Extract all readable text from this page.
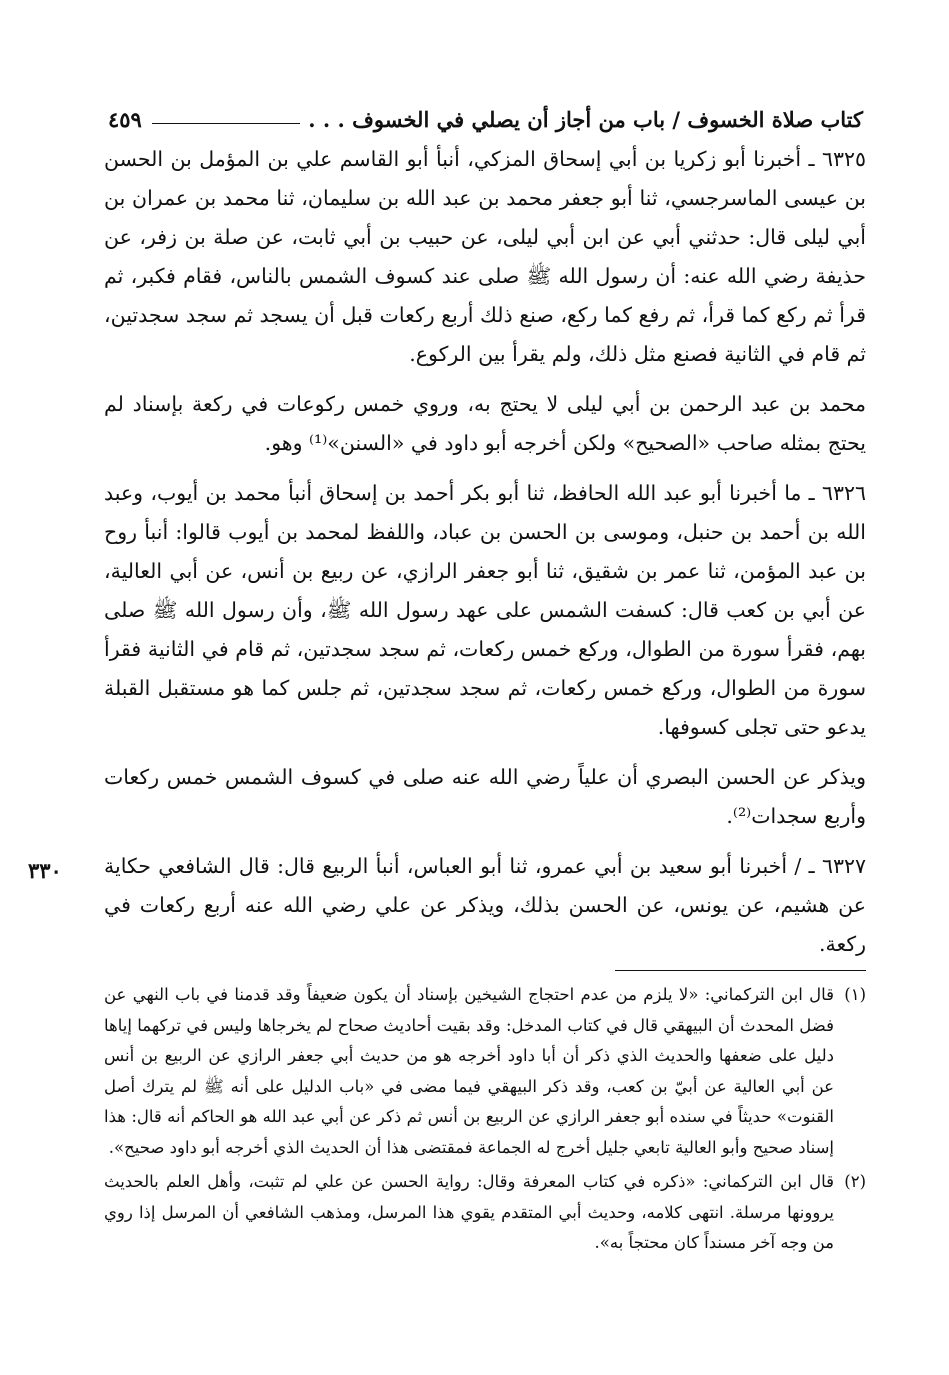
كتاب صلاة الخسوف / باب من أجاز أن يصلي في الخسوف . . .
٤٥٩

٦٣٢٥ ـ أخبرنا أبو زكريا بن أبي إسحاق المزكي، أنبأ أبو القاسم علي بن المؤمل بن الحسن بن عيسى الماسرجسي، ثنا أبو جعفر محمد بن عبد الله بن سليمان، ثنا محمد بن عمران بن أبي ليلى قال: حدثني أبي عن ابن أبي ليلى، عن حبيب بن أبي ثابت، عن صلة بن زفر، عن حذيفة رضي الله عنه: أن رسول الله ﷺ صلى عند كسوف الشمس بالناس، فقام فكبر، ثم قرأ ثم ركع كما قرأ، ثم رفع كما ركع، صنع ذلك أربع ركعات قبل أن يسجد ثم سجد سجدتين، ثم قام في الثانية فصنع مثل ذلك، ولم يقرأ بين الركوع.

محمد بن عبد الرحمن بن أبي ليلى لا يحتج به، وروي خمس ركوعات في ركعة بإسناد لم يحتج بمثله صاحب «الصحيح» ولكن أخرجه أبو داود في «السنن»⁽¹⁾ وهو.

٦٣٢٦ ـ ما أخبرنا أبو عبد الله الحافظ، ثنا أبو بكر أحمد بن إسحاق أنبأ محمد بن أيوب، وعبد الله بن أحمد بن حنبل، وموسى بن الحسن بن عباد، واللفظ لمحمد بن أيوب قالوا: أنبأ روح بن عبد المؤمن، ثنا عمر بن شقيق، ثنا أبو جعفر الرازي، عن ربيع بن أنس، عن أبي العالية، عن أبي بن كعب قال: كسفت الشمس على عهد رسول الله ﷺ، وأن رسول الله ﷺ صلى بهم، فقرأ سورة من الطوال، وركع خمس ركعات، ثم سجد سجدتين، ثم قام في الثانية فقرأ سورة من الطوال، وركع خمس ركعات، ثم سجد سجدتين، ثم جلس كما هو مستقبل القبلة يدعو حتى تجلى كسوفها.

ويذكر عن الحسن البصري أن علياً رضي الله عنه صلى في كسوف الشمس خمس ركعات وأربع سجدات⁽²⁾.

٦٣٢٧ ـ / أخبرنا أبو سعيد بن أبي عمرو، ثنا أبو العباس، أنبأ الربيع قال: قال الشافعي حكاية عن هشيم، عن يونس، عن الحسن بذلك، ويذكر عن علي رضي الله عنه أربع ركعات في ركعة.

٣٣٠
(١)
قال ابن التركماني: «لا يلزم من عدم احتجاج الشيخين بإسناد أن يكون ضعيفاً وقد قدمنا في باب النهي عن فضل المحدث أن البيهقي قال في كتاب المدخل: وقد بقيت أحاديث صحاح لم يخرجاها وليس في تركهما إياها دليل على ضعفها والحديث الذي ذكر أن أبا داود أخرجه هو من حديث أبي جعفر الرازي عن الربيع بن أنس عن أبي العالية عن أبيّ بن كعب، وقد ذكر البيهقي فيما مضى في «باب الدليل على أنه ﷺ لم يترك أصل القنوت» حديثاً في سنده أبو جعفر الرازي عن الربيع بن أنس ثم ذكر عن أبي عبد الله هو الحاكم أنه قال: هذا إسناد صحيح وأبو العالية تابعي جليل أخرج له الجماعة فمقتضى هذا أن الحديث الذي أخرجه أبو داود صحيح».
(٢)
قال ابن التركماني: «ذكره في كتاب المعرفة وقال: رواية الحسن عن علي لم تثبت، وأهل العلم بالحديث يروونها مرسلة. انتهى كلامه، وحديث أبي المتقدم يقوي هذا المرسل، ومذهب الشافعي أن المرسل إذا روي من وجه آخر مسنداً كان محتجاً به».
